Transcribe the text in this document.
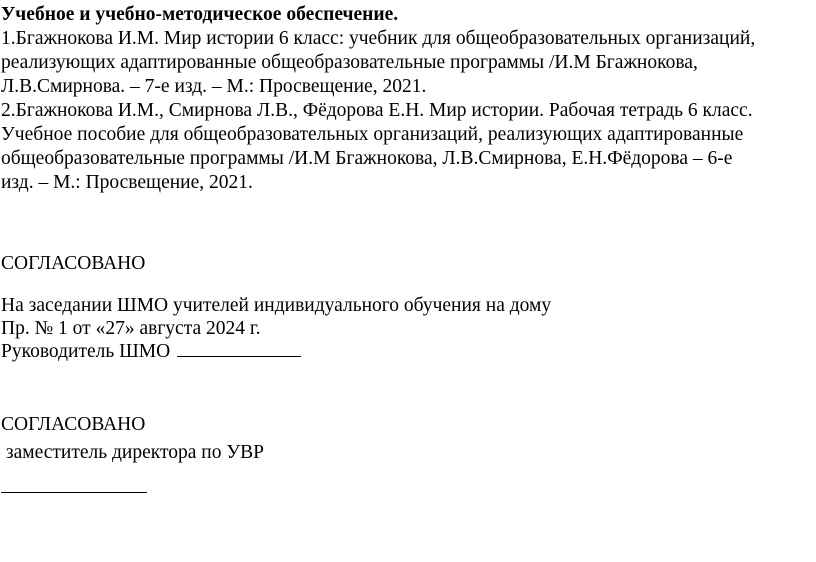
Учебное и учебно-методическое обеспечение.
1.Бгажнокова И.М. Мир истории 6 класс: учебник для общеобразовательных организаций,
реализующих адаптированные общеобразовательные программы /И.М Бгажнокова,
Л.В.Смирнова. – 7-е изд. – М.: Просвещение, 2021.
2.Бгажнокова И.М., Смирнова Л.В., Фёдорова Е.Н. Мир истории. Рабочая тетрадь 6 класс.
Учебное пособие для общеобразовательных организаций, реализующих адаптированные
общеобразовательные программы /И.М Бгажнокова, Л.В.Смирнова, Е.Н.Фёдорова – 6-е
изд. – М.: Просвещение, 2021.
СОГЛАСОВАНО
На заседании ШМО учителей индивидуального обучения на дому
Пр. № 1 от «27» августа 2024 г.
Руководитель ШМО
СОГЛАСОВАНО
заместитель директора по УВР
